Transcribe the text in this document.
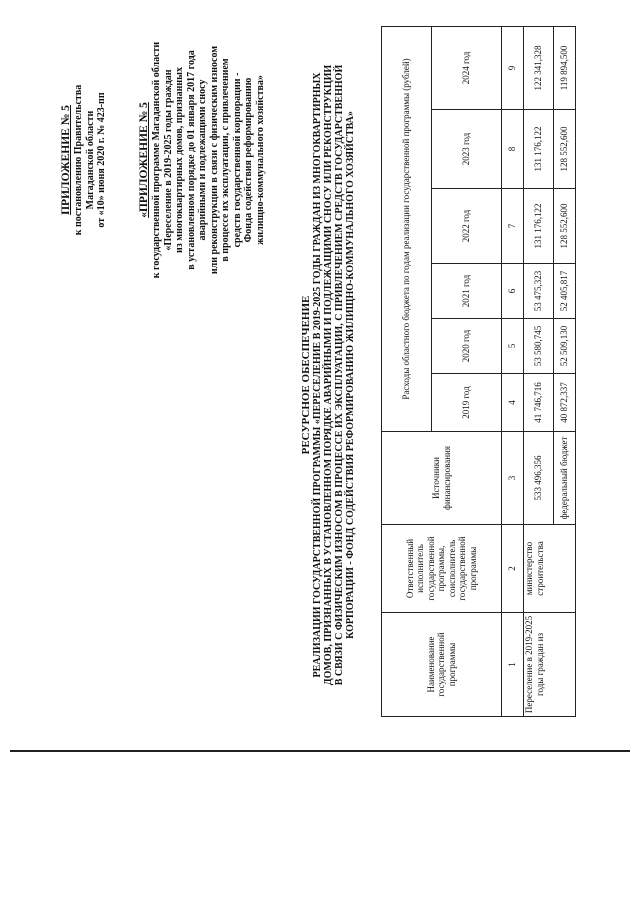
ПРИЛОЖЕНИЕ № 5 к постановлению Правительства Магаданской области от «10» июня 2020 г. № 423-пп	«ПРИЛОЖЕНИЕ № 5 к государственной программе Магаданской области «Переселение в 2019-2025 годы граждан из многоквартирных домов, признанных в установленном порядке до 01 января 2017 года аварийными и подлежащими сносу или реконструкции в связи с физическим износом в процессе их эксплуатации, с привлечением средств государственной корпорации - Фонда содействия реформированию жилищно-коммунального хозяйства»
РЕСУРСНОЕ ОБЕСПЕЧЕНИЕ РЕАЛИЗАЦИИ ГОСУДАРСТВЕННОЙ ПРОГРАММЫ «ПЕРЕСЕЛЕНИЕ В 2019-2025 ГОДЫ ГРАЖДАН ИЗ МНОГОКВАРТИРНЫХ ДОМОВ, ПРИЗНАННЫХ В УСТАНОВЛЕННОМ ПОРЯДКЕ АВАРИЙНЫМИ И ПОДЛЕЖАЩИМИ СНОСУ ИЛИ РЕКОНСТРУКЦИИ В СВЯЗИ С ФИЗИЧЕСКИМ ИЗНОСОМ В ПРОЦЕССЕ ИХ ЭКСПЛУАТАЦИИ, С ПРИВЛЕЧЕНИЕМ СРЕДСТВ ГОСУДАРСТВЕННОЙ КОРПОРАЦИИ - ФОНД СОДЕЙСТВИЯ РЕФОРМИРОВАНИЮ ЖИЛИЩНО-КОММУНАЛЬНОГО ХОЗЯЙСТВА»
Наименование государственной программы	Ответственный исполнитель государственной программы, соисполнитель государственной программы	Источники финансирования	Расходы областного бюджета по годам реализации государственной программы (рублей)					
			2019 год	2020 год	2021 год	2022 год	2023 год	2024 год
1	2	3	4	5	6	7	8	9
Переселение в 2019-2025 годы граждан из	министерство строительства	533 496,356	41 746,716	53 580,745	53 475,323	131 176,122	131 176,122	122 341,328
		федеральный бюджет	40 872,337	52 509,130	52 405,817	128 552,600	128 552,600	119 894,500
